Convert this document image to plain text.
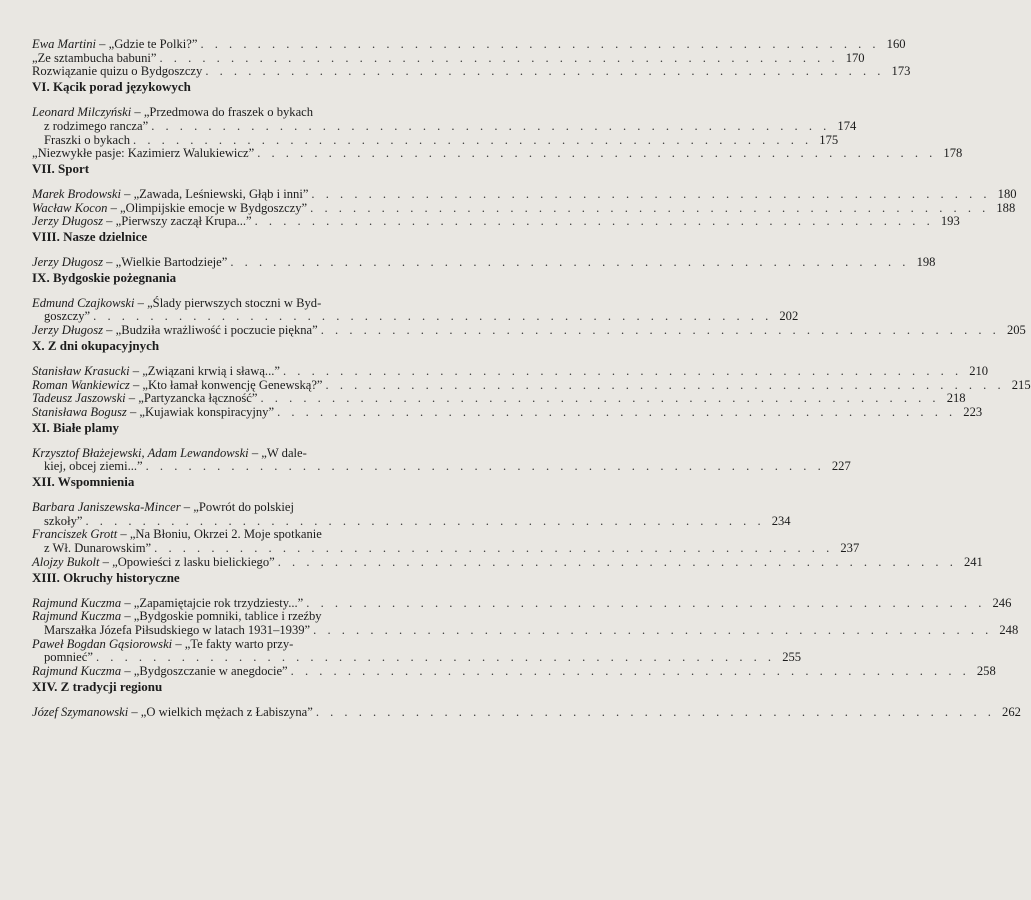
Ewa Martini – „Gdzie te Polki?” . . .	160
„Ze sztambucha babuni” . . .	170
Rozwiązanie quizu o Bydgoszczy . . .	173
VI. Kącik porad językowych
Leonard Milczyński – „Przedmowa do fraszek o bykach
z rodzimego rancza” . . .	174
Fraszki o bykach . . .	175
„Niezwykłe pasje: Kazimierz Walukiewicz” . . .	178
VII. Sport
Marek Brodowski – „Zawada, Leśniewski, Głąb i inni” . . .	180
Wacław Kocon – „Olimpijskie emocje w Bydgoszczy” . . .	188
Jerzy Długosz – „Pierwszy zaczął Krupa...” . . .	193
VIII. Nasze dzielnice
Jerzy Długosz – „Wielkie Bartodzieje” . . .	198
IX. Bydgoskie pożegnania
Edmund Czajkowski – „Ślady pierwszych stoczni w Byd-
goszczy” . . .	202
Jerzy Długosz – „Budziła wrażliwość i poczucie piękna” . . .	205
X. Z dni okupacyjnych
Stanisław Krasucki – „Związani krwią i sławą...” . . .	210
Roman Wankiewicz – „Kto łamał konwencję Genewską?” . . .	215
Tadeusz Jaszowski – „Partyzancka łączność” . . .	218
Stanisława Bogusz – „Kujawiak konspiracyjny” . . .	223
XI. Białe plamy
Krzysztof Błażejewski, Adam Lewandowski – „W dale-
kiej, obcej ziemi...” . . .	227
XII. Wspomnienia
Barbara Janiszewska-Mincer – „Powrót do polskiej
szkoły” . . .	234
Franciszek Grott – „Na Błoniu, Okrzei 2. Moje spotkanie
z Wł. Dunarowskim” . . .	237
Alojzy Bukolt – „Opowieści z lasku bielickiego” . . .	241
XIII. Okruchy historyczne
Rajmund Kuczma – „Zapamiętajcie rok trzydziesty...” . . .	246
Rajmund Kuczma – „Bydgoskie pomniki, tablice i rzeźby
Marszałka Józefa Piłsudskiego w latach 1931–1939” . . .	248
Paweł Bogdan Gąsiorowski – „Te fakty warto przy-
pomnieć” . . .	255
Rajmund Kuczma – „Bydgoszczanie w anegdocie” . . .	258
XIV. Z tradycji regionu
Józef Szymanowski – „O wielkich mężach z Łabiszyna” . . .	262
